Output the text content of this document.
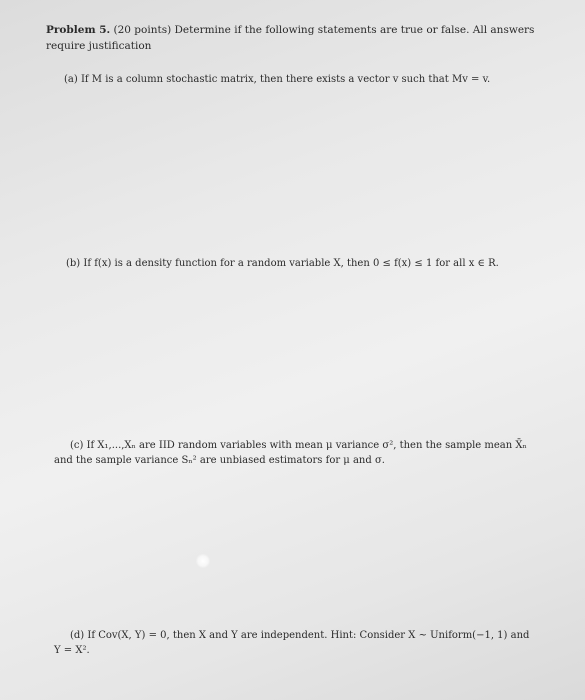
Problem 5. (20 points) Determine if the following statements are true or false. All answers require justification
(a) If M is a column stochastic matrix, then there exists a vector v such that Mv = v.
(b) If f(x) is a density function for a random variable X, then 0 ≤ f(x) ≤ 1 for all x ∈ R.
(c) If X₁,...,Xₙ are IID random variables with mean μ variance σ², then the sample mean X̄ₙ
and the sample variance Sₙ² are unbiased estimators for μ and σ.
(d) If Cov(X, Y) = 0, then X and Y are independent. Hint: Consider X ~ Uniform(−1, 1) and
Y = X².
